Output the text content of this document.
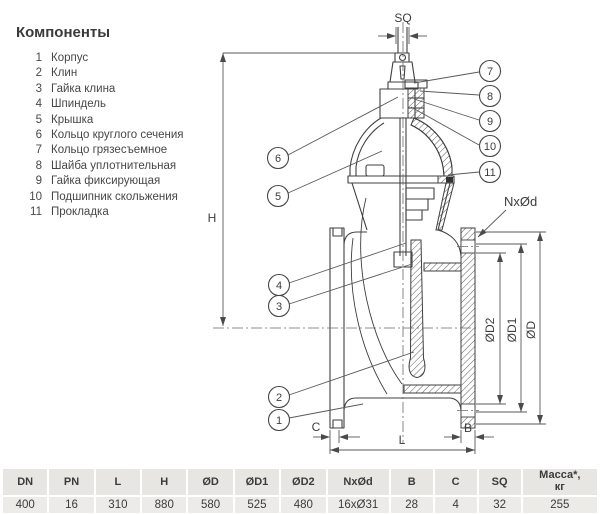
SQ
H
NxØd
ØD2 ØD1 ØD
C	B
L
1
2
3
4
5
6
7
8
9
10
11
Компоненты
1 Корпус
2 Клин
3 Гайка клина
4 Шпиндель
5 Крышка
6 Кольцо круглого сечения
7 Кольцо грязесъемное
8 Шайба уплотнительная
9 Гайка фиксирующая
10 Подшипник скольжения
11 Прокладка
DN	PN	L	H	ØD	ØD1	ØD2	NxØd	B	C	SQ	Масса*,
кг

400	16	310	880	580	525	480	16xØ31	28	4	32	255
